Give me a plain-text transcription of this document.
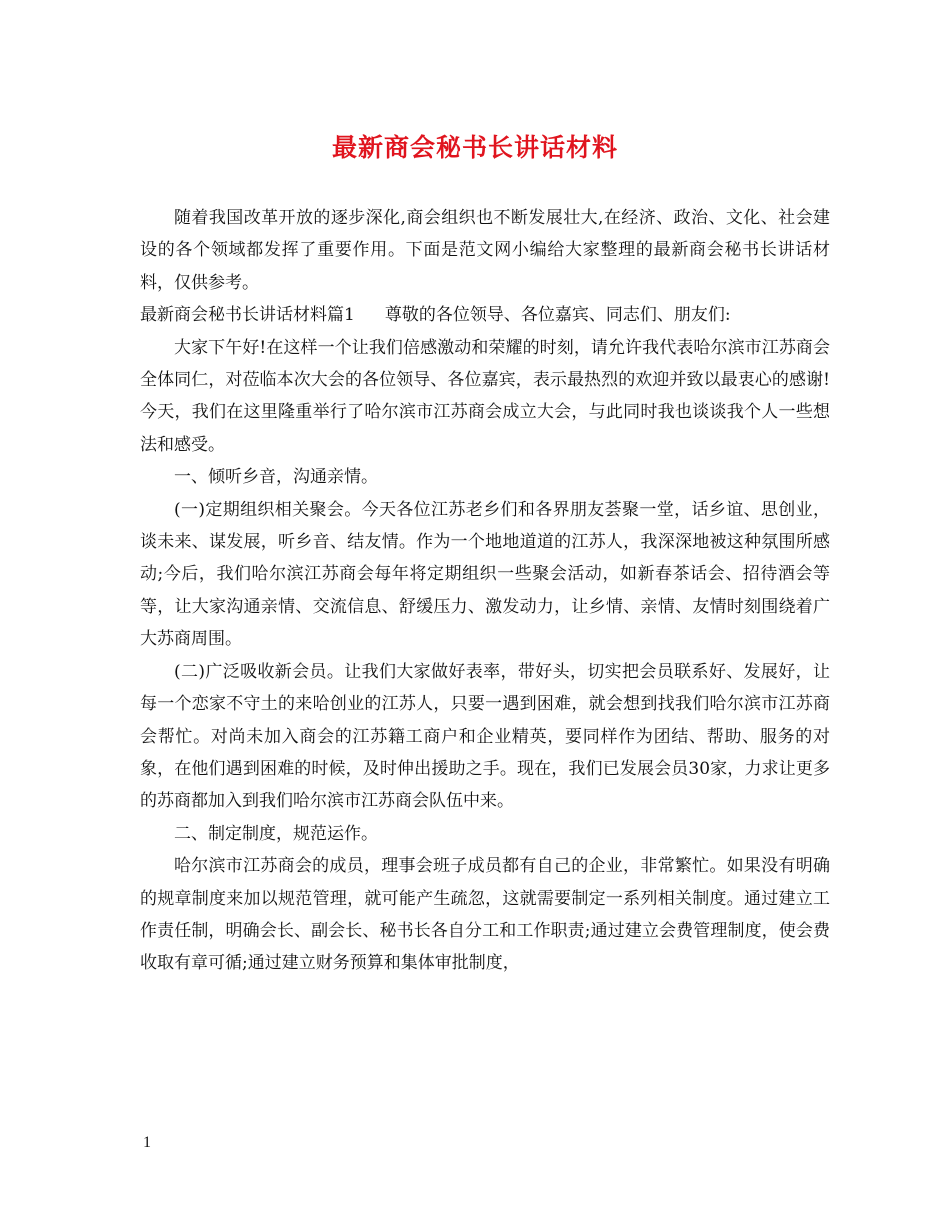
最新商会秘书长讲话材料

随着我国改革开放的逐步深化,商会组织也不断发展壮大,在经济、政治、文化、社会建设的各个领域都发挥了重要作用。下面是范文网小编给大家整理的最新商会秘书长讲话材料，仅供参考。

最新商会秘书长讲话材料篇1 尊敬的各位领导、各位嘉宾、同志们、朋友们:

大家下午好!在这样一个让我们倍感激动和荣耀的时刻，请允许我代表哈尔滨市江苏商会全体同仁，对莅临本次大会的各位领导、各位嘉宾，表示最热烈的欢迎并致以最衷心的感谢!今天，我们在这里隆重举行了哈尔滨市江苏商会成立大会，与此同时我也谈谈我个人一些想法和感受。

一、倾听乡音，沟通亲情。

(一)定期组织相关聚会。今天各位江苏老乡们和各界朋友荟聚一堂，话乡谊、思创业，谈未来、谋发展，听乡音、结友情。作为一个地地道道的江苏人，我深深地被这种氛围所感动;今后，我们哈尔滨江苏商会每年将定期组织一些聚会活动，如新春茶话会、招待酒会等等，让大家沟通亲情、交流信息、舒缓压力、激发动力，让乡情、亲情、友情时刻围绕着广大苏商周围。

(二)广泛吸收新会员。让我们大家做好表率，带好头，切实把会员联系好、发展好，让每一个恋家不守土的来哈创业的江苏人，只要一遇到困难，就会想到找我们哈尔滨市江苏商会帮忙。对尚未加入商会的江苏籍工商户和企业精英，要同样作为团结、帮助、服务的对象，在他们遇到困难的时候，及时伸出援助之手。现在，我们已发展会员30家，力求让更多的苏商都加入到我们哈尔滨市江苏商会队伍中来。

二、制定制度，规范运作。

哈尔滨市江苏商会的成员，理事会班子成员都有自己的企业，非常繁忙。如果没有明确的规章制度来加以规范管理，就可能产生疏忽，这就需要制定一系列相关制度。通过建立工作责任制，明确会长、副会长、秘书长各自分工和工作职责;通过建立会费管理制度，使会费收取有章可循;通过建立财务预算和集体审批制度，

1
